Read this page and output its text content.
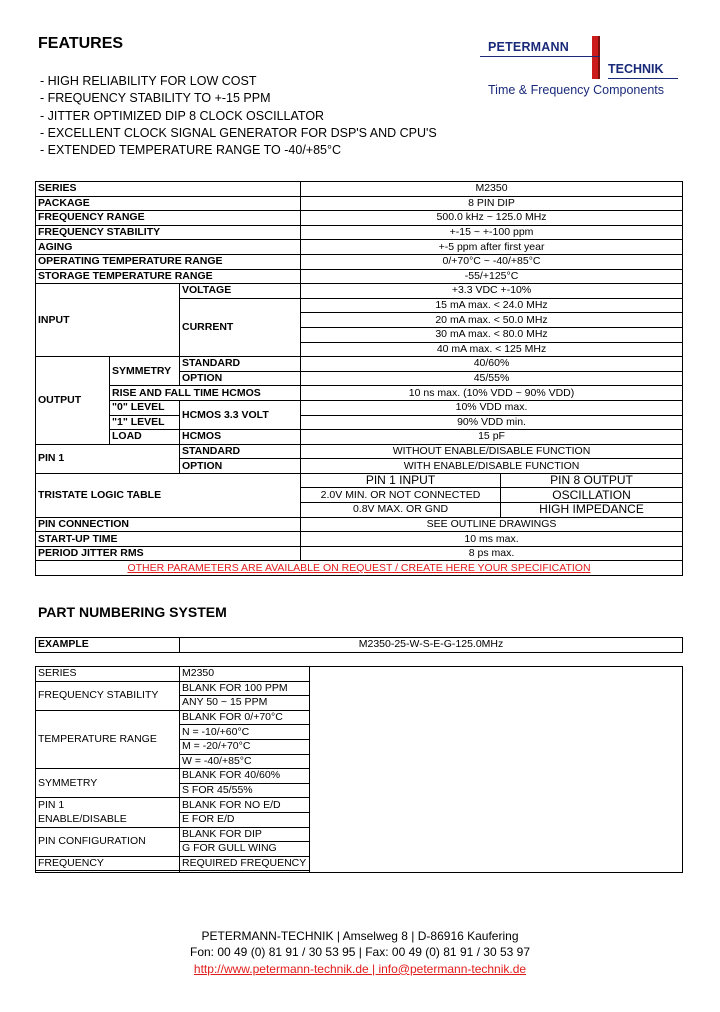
FEATURES
- HIGH RELIABILITY FOR LOW COST
- FREQUENCY STABILITY TO +-15 PPM
- JITTER OPTIMIZED DIP 8 CLOCK OSCILLATOR
- EXCELLENT CLOCK SIGNAL GENERATOR FOR DSP'S AND CPU'S
- EXTENDED TEMPERATURE RANGE TO -40/+85°C
PETERMANN
TECHNIK
Time & Frequency Components
SERIES			M2350	
PACKAGE			8 PIN DIP	
FREQUENCY RANGE			500.0 kHz ~ 125.0 MHz	
FREQUENCY STABILITY			+-15 ~ +-100 ppm	
AGING			+-5 ppm after first year	
OPERATING TEMPERATURE RANGE			0/+70°C ~ -40/+85°C	
STORAGE TEMPERATURE RANGE			-55/+125°C	
INPUT		VOLTAGE	+3.3 VDC +-10%	
		CURRENT	15 mA max. < 24.0 MHz	
			20 mA max. < 50.0 MHz	
			30 mA max. < 80.0 MHz	
			40 mA max. < 125 MHz	
OUTPUT	SYMMETRY	STANDARD	40/60%	
		OPTION	45/55%	
	RISE AND FALL TIME HCMOS		10 ns max. (10% VDD ~ 90% VDD)	
	"0" LEVEL	HCMOS 3.3 VOLT	10% VDD max.	
	"1" LEVEL		90% VDD min.	
	LOAD	HCMOS	15 pF	
PIN 1		STANDARD	WITHOUT ENABLE/DISABLE FUNCTION	
		OPTION	WITH ENABLE/DISABLE FUNCTION	
TRISTATE LOGIC TABLE			PIN 1 INPUT	PIN 8 OUTPUT
			2.0V MIN. OR NOT CONNECTED	OSCILLATION
			0.8V MAX. OR GND	HIGH IMPEDANCE
PIN CONNECTION			SEE OUTLINE DRAWINGS	
START-UP TIME			10 ms max.	
PERIOD JITTER RMS			8 ps max.	
OTHER PARAMETERS ARE AVAILABLE ON REQUEST / CREATE HERE YOUR SPECIFICATION				
PART NUMBERING SYSTEM
EXAMPLE	M2350-25-W-S-E-G-125.0MHz
SERIES	M2350	
FREQUENCY STABILITY	BLANK FOR 100 PPM	
	ANY 50 ~ 15 PPM	
TEMPERATURE RANGE	BLANK FOR 0/+70°C	
	N = -10/+60°C	
	M = -20/+70°C	
	W = -40/+85°C	
SYMMETRY	BLANK FOR 40/60%	
	S FOR 45/55%	
PIN 1	BLANK FOR NO E/D	
ENABLE/DISABLE	E FOR E/D	
PIN CONFIGURATION	BLANK FOR DIP	
	G FOR GULL WING	
FREQUENCY	REQUIRED FREQUENCY	

PETERMANN-TECHNIK | Amselweg 8 | D-86916 Kaufering
Fon: 00 49 (0) 81 91 / 30 53 95 | Fax: 00 49 (0) 81 91 / 30 53 97
http://www.petermann-technik.de | info@petermann-technik.de
